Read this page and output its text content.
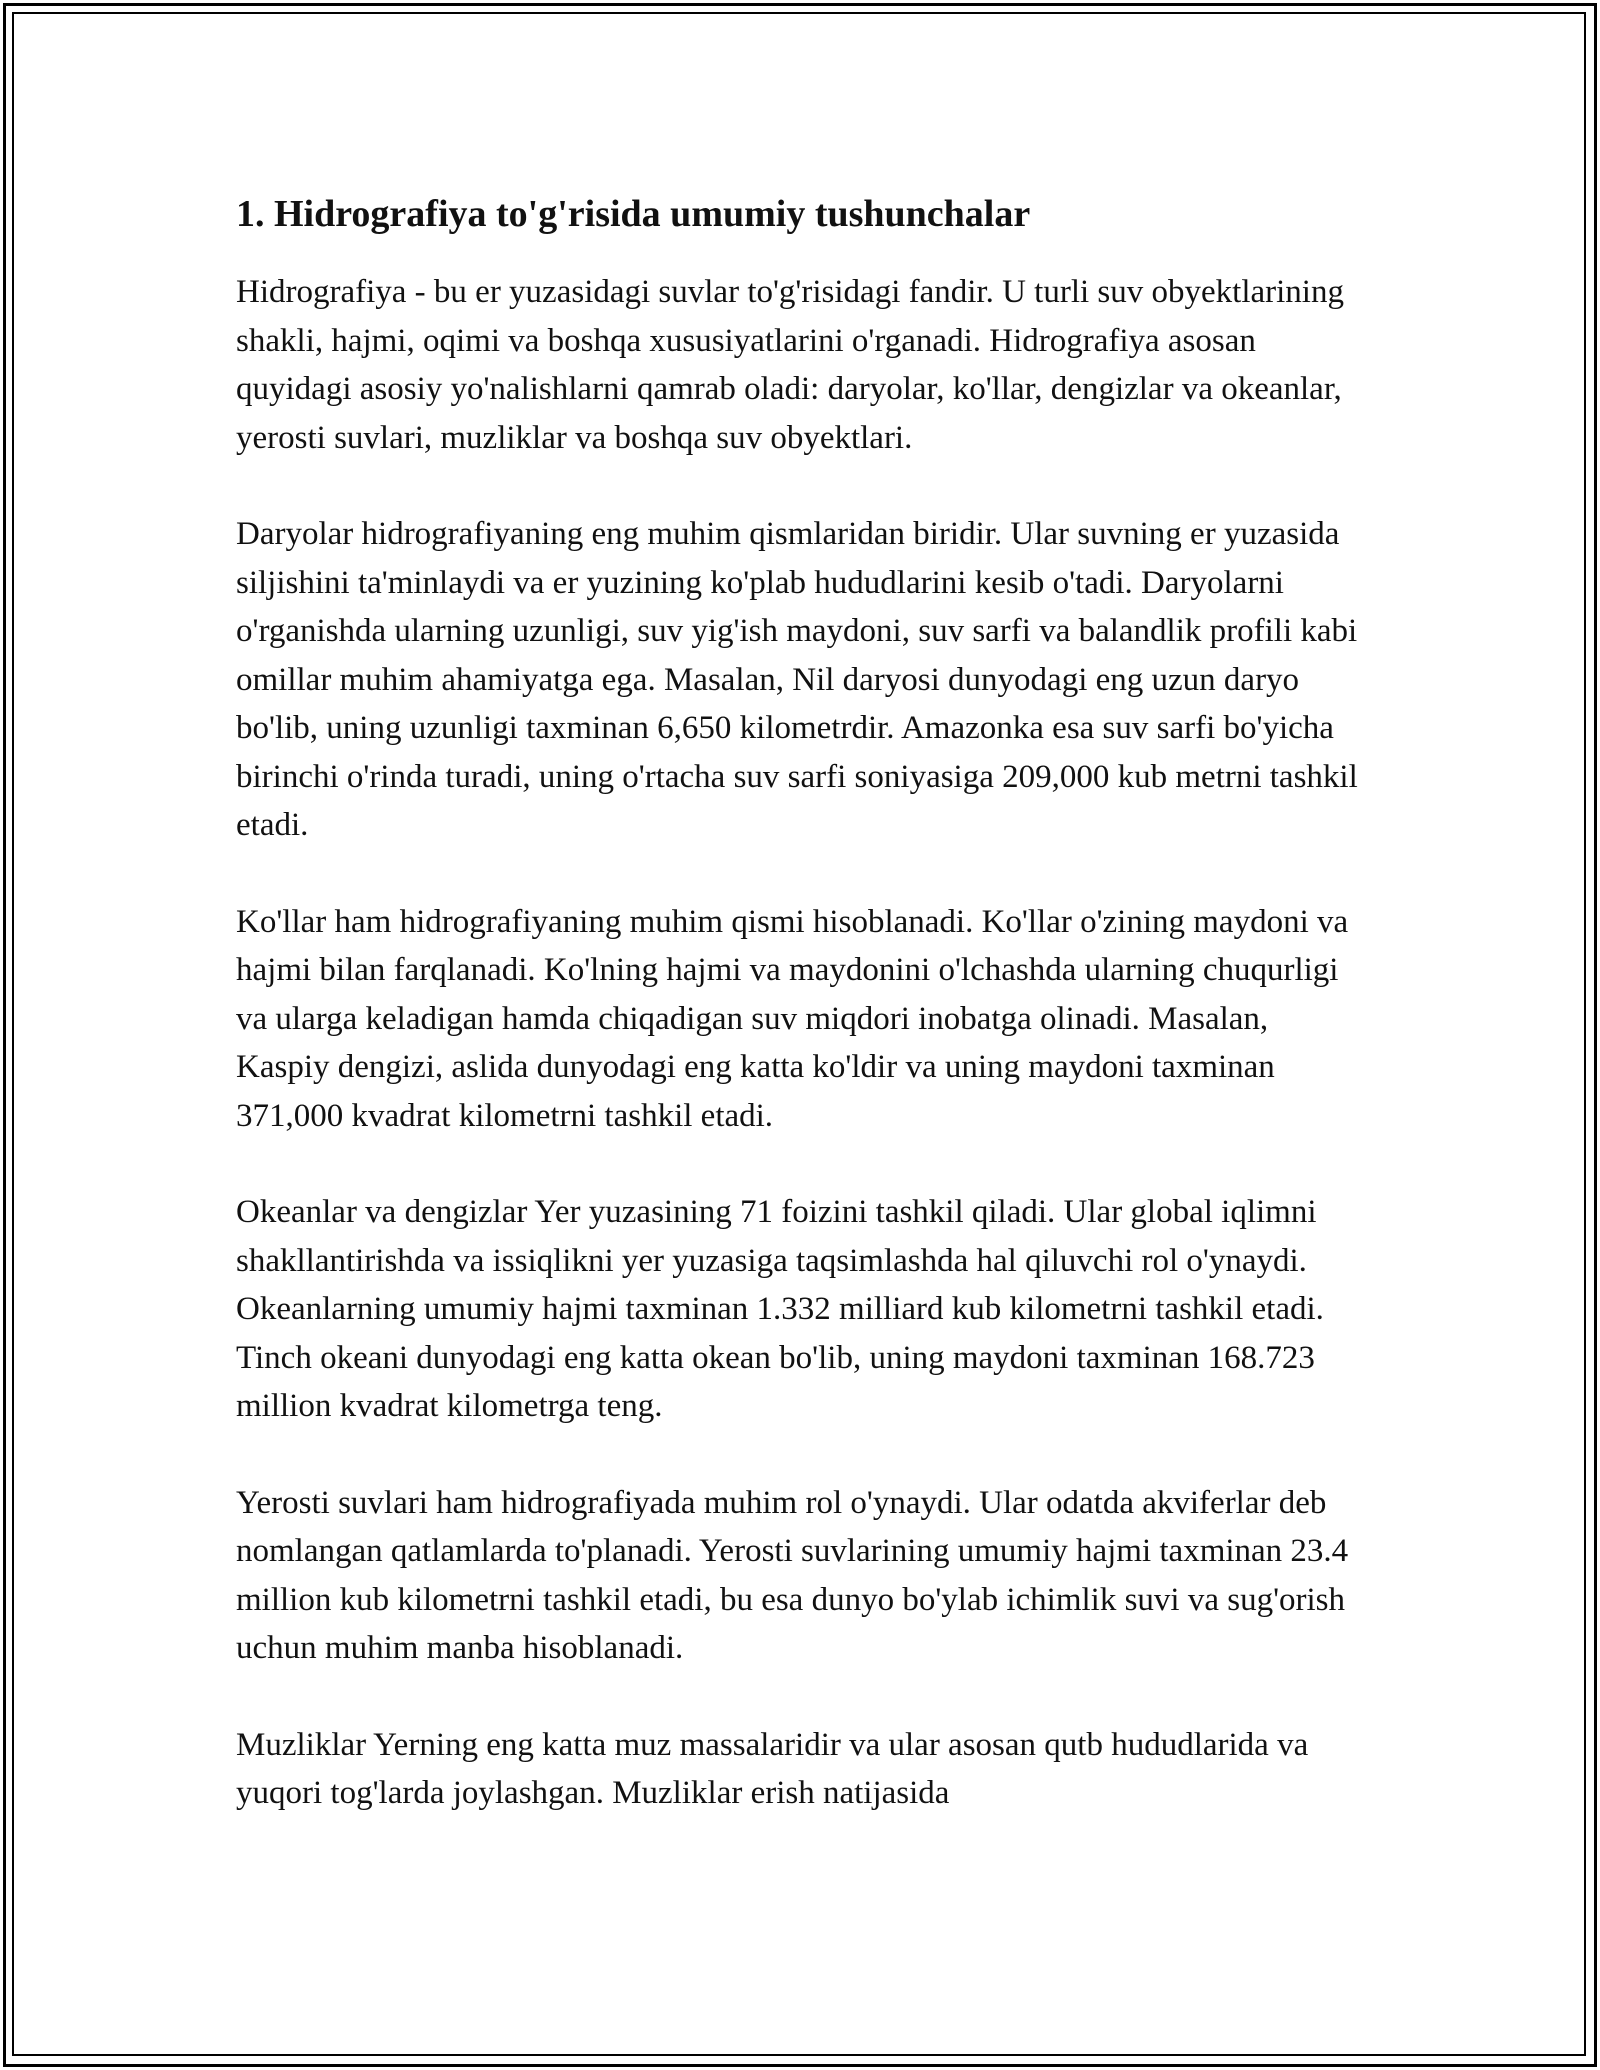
1. Hidrografiya to'g'risida umumiy tushunchalar

Hidrografiya - bu er yuzasidagi suvlar to'g'risidagi fandir. U turli suv obyektlarining shakli, hajmi, oqimi va boshqa xususiyatlarini o'rganadi. Hidrografiya asosan quyidagi asosiy yo'nalishlarni qamrab oladi: daryolar, ko'llar, dengizlar va okeanlar, yerosti suvlari, muzliklar va boshqa suv obyektlari.

Daryolar hidrografiyaning eng muhim qismlaridan biridir. Ular suvning er yuzasida siljishini ta'minlaydi va er yuzining ko'plab hududlarini kesib o'tadi. Daryolarni o'rganishda ularning uzunligi, suv yig'ish maydoni, suv sarfi va balandlik profili kabi omillar muhim ahamiyatga ega. Masalan, Nil daryosi dunyodagi eng uzun daryo bo'lib, uning uzunligi taxminan 6,650 kilometrdir. Amazonka esa suv sarfi bo'yicha birinchi o'rinda turadi, uning o'rtacha suv sarfi soniyasiga 209,000 kub metrni tashkil etadi.

Ko'llar ham hidrografiyaning muhim qismi hisoblanadi. Ko'llar o'zining maydoni va hajmi bilan farqlanadi. Ko'lning hajmi va maydonini o'lchashda ularning chuqurligi va ularga keladigan hamda chiqadigan suv miqdori inobatga olinadi. Masalan, Kaspiy dengizi, aslida dunyodagi eng katta ko'ldir va uning maydoni taxminan 371,000 kvadrat kilometrni tashkil etadi.

Okeanlar va dengizlar Yer yuzasining 71 foizini tashkil qiladi. Ular global iqlimni shakllantirishda va issiqlikni yer yuzasiga taqsimlashda hal qiluvchi rol o'ynaydi. Okeanlarning umumiy hajmi taxminan 1.332 milliard kub kilometrni tashkil etadi. Tinch okeani dunyodagi eng katta okean bo'lib, uning maydoni taxminan 168.723 million kvadrat kilometrga teng.

Yerosti suvlari ham hidrografiyada muhim rol o'ynaydi. Ular odatda akviferlar deb nomlangan qatlamlarda to'planadi. Yerosti suvlarining umumiy hajmi taxminan 23.4 million kub kilometrni tashkil etadi, bu esa dunyo bo'ylab ichimlik suvi va sug'orish uchun muhim manba hisoblanadi.

Muzliklar Yerning eng katta muz massalaridir va ular asosan qutb hududlarida va yuqori tog'larda joylashgan. Muzliklar erish natijasida
